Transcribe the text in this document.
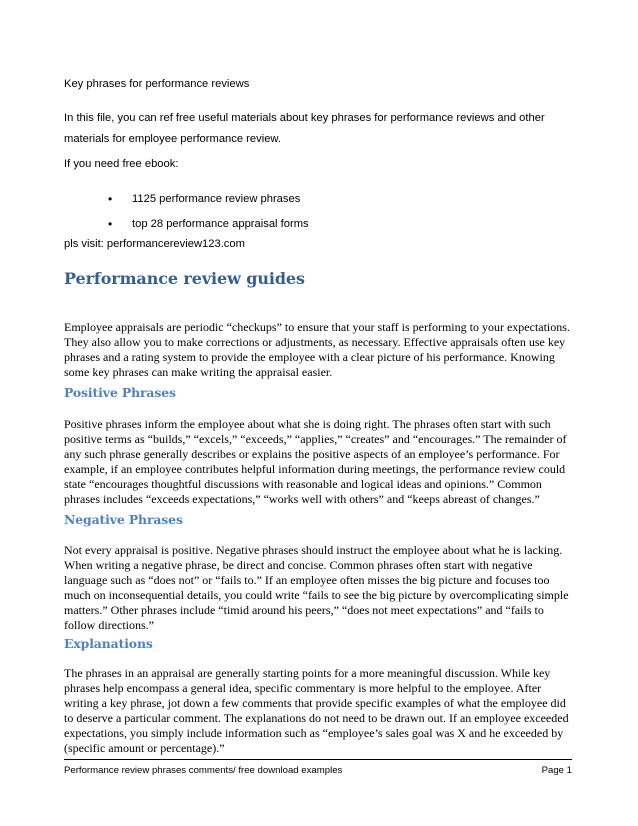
Key phrases for performance reviews
In this file, you can ref free useful materials about key phrases for performance reviews and other materials for employee performance review.
If you need free ebook:
• 1125 performance review phrases
• top 28 performance appraisal forms
pls visit: performancereview123.com
Performance review guides
Employee appraisals are periodic “checkups” to ensure that your staff is performing to your expectations. They also allow you to make corrections or adjustments, as necessary. Effective appraisals often use key phrases and a rating system to provide the employee with a clear picture of his performance. Knowing some key phrases can make writing the appraisal easier.
Positive Phrases
Positive phrases inform the employee about what she is doing right. The phrases often start with such positive terms as “builds,” “excels,” “exceeds,” “applies,” “creates” and “encourages.” The remainder of any such phrase generally describes or explains the positive aspects of an employee’s performance. For example, if an employee contributes helpful information during meetings, the performance review could state “encourages thoughtful discussions with reasonable and logical ideas and opinions.” Common phrases includes “exceeds expectations,” “works well with others” and “keeps abreast of changes.”
Negative Phrases
Not every appraisal is positive. Negative phrases should instruct the employee about what he is lacking. When writing a negative phrase, be direct and concise. Common phrases often start with negative language such as “does not” or “fails to.” If an employee often misses the big picture and focuses too much on inconsequential details, you could write “fails to see the big picture by overcomplicating simple matters.” Other phrases include “timid around his peers,” “does not meet expectations” and “fails to follow directions.”
Explanations
The phrases in an appraisal are generally starting points for a more meaningful discussion. While key phrases help encompass a general idea, specific commentary is more helpful to the employee. After writing a key phrase, jot down a few comments that provide specific examples of what the employee did to deserve a particular comment. The explanations do not need to be drawn out. If an employee exceeded expectations, you simply include information such as “employee’s sales goal was X and he exceeded by (specific amount or percentage).”
Performance review phrases comments/ free download examples	Page 1
